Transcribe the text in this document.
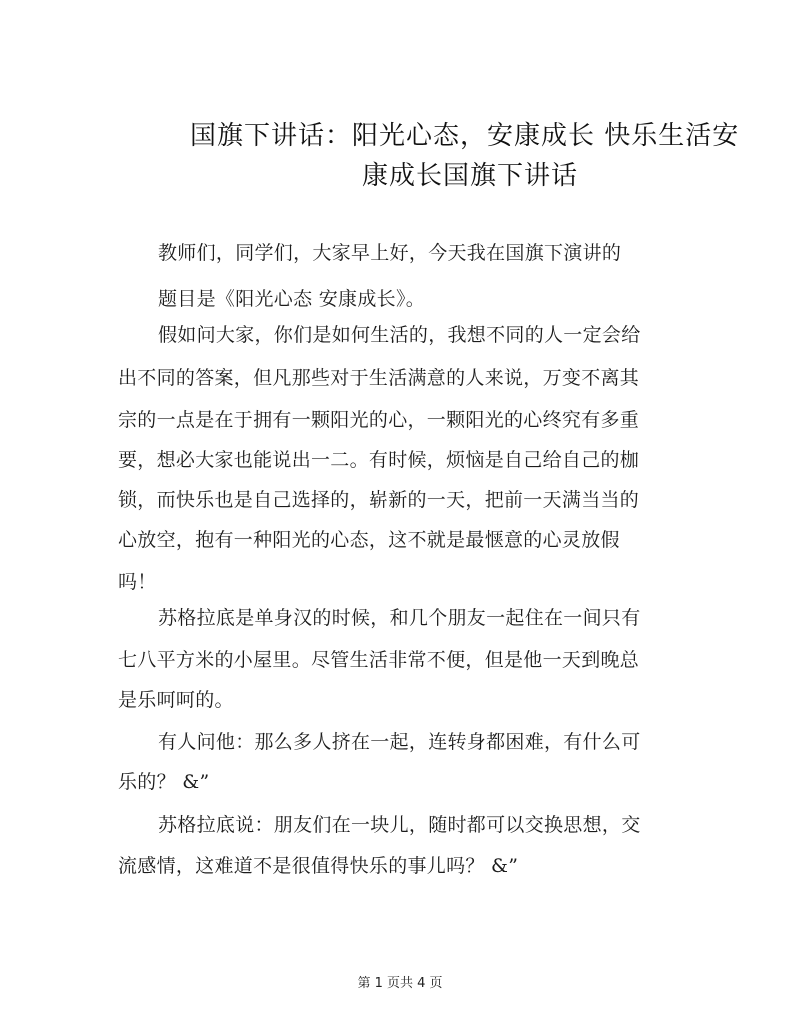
国旗下讲话：阳光心态，安康成长 快乐生活安
康成长国旗下讲话
教师们，同学们，大家早上好，今天我在国旗下演讲的
题目是《阳光心态 安康成长》。
假如问大家，你们是如何生活的，我想不同的人一定会给
出不同的答案，但凡那些对于生活满意的人来说，万变不离其
宗的一点是在于拥有一颗阳光的心，一颗阳光的心终究有多重
要，想必大家也能说出一二。有时候，烦恼是自己给自己的枷
锁，而快乐也是自己选择的，崭新的一天，把前一天满当当的
心放空，抱有一种阳光的心态，这不就是最惬意的心灵放假
吗！
苏格拉底是单身汉的时候，和几个朋友一起住在一间只有
七八平方米的小屋里。尽管生活非常不便，但是他一天到晚总
是乐呵呵的。
有人问他：那么多人挤在一起，连转身都困难，有什么可
乐的？ &”
苏格拉底说：朋友们在一块儿，随时都可以交换思想，交
流感情，这难道不是很值得快乐的事儿吗？ &”
第 1 页共 4 页
